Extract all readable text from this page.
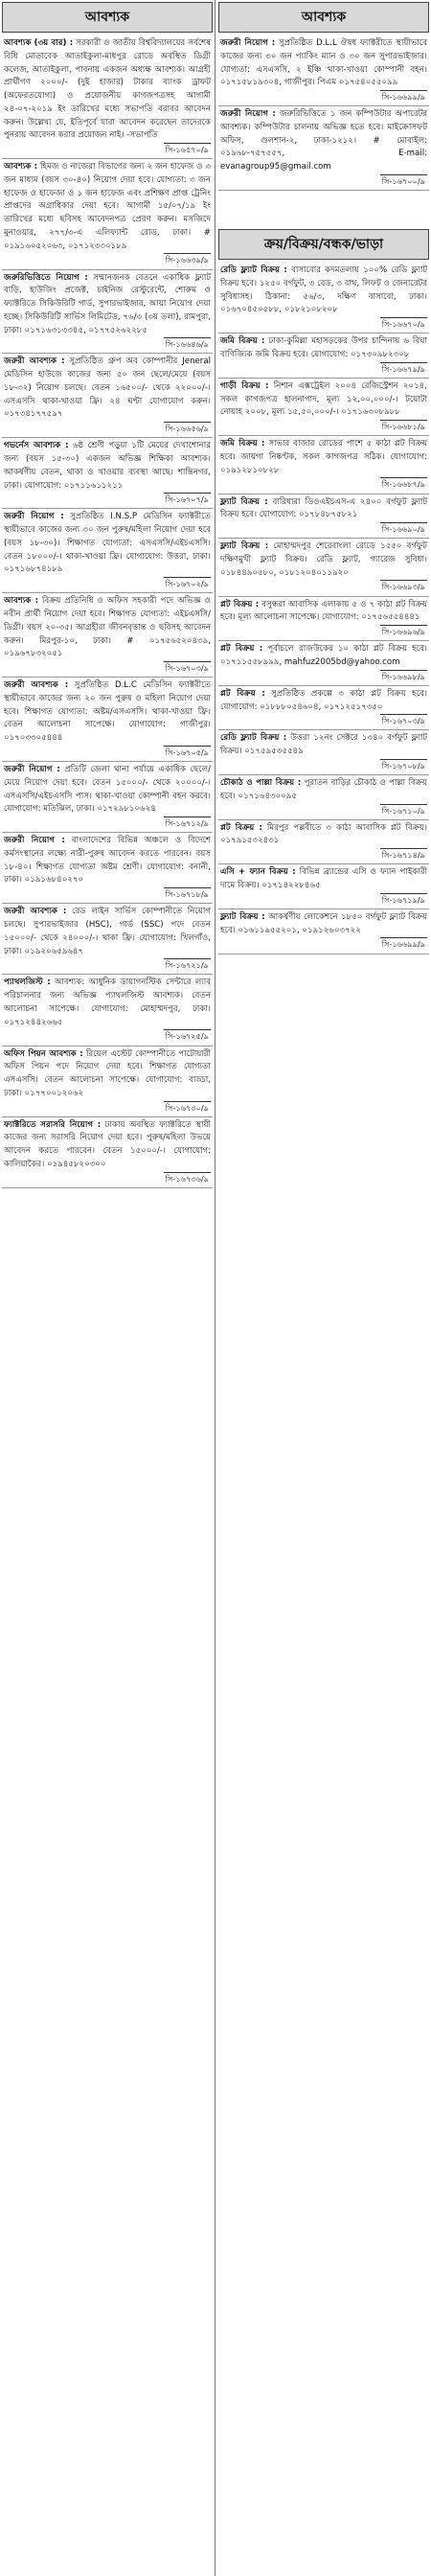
আবশ্যক
আবশ্যক (৩য় বার) : সরকারী ও জাতীয় বিশ্ববিদ্যালয়ের সর্বশেষ বিধি মোতাবেক আতাইকুলা-মাধপুর রোডে অবস্থিত ডিগ্রী কলেজ, আতাইকুলা, পাবনায় একজন অধ্যক্ষ আবশ্যক। আগ্রহী প্রার্থীগণ ২০০০/- (দুই হাজার) টাকার ব্যাংক ড্রাফট (অফেরতযোগ্য) ও প্রয়োজনীয় কাগজপত্রসহ আগামী ২৪-০৭-২০১৯ ইং তারিখের মধ্যে সভাপতি বরাবর আবেদন করুন। উল্লেখ্য যে, ইতিপূর্বে যারা আবেদন করেছেন তাদেরকে পুনরায় আবেদন করার প্রয়োজন নাই। -সভাপতি
সি-১৬৫৭০/৯
আবশ্যক : হিমজ ও নাজেরা বিভাগের জন্য ২ জন হাফেজ ও ৩ জন মাধ্যম (বয়স ৩০-৪০) নিয়োগ দেয়া হবে। যোগ্যতা: ৩ জন হাফেজ ও হাফেজা ও ১ জন হাফেজ এবং প্রশিক্ষণ প্রাপ্ত ট্রেনিং প্রাপ্তদের অগ্রাধিকার দেয়া হবে। আগামী ১৫/০৭/১৯ ইং তারিখের মধ্যে ছবিসহ আবেদনপত্র প্রেরণ করুন। মসজিদে মুনাওয়ার, ২৭৭/৩-এ এলিফ্যান্ট রোড, ঢাকা। # ০১৯১৬০৫২০৬৩, ০১৭১২৩৩০১৮৯
সি-১৬৬৩৯/৯
জরুরিভিত্তিতে নিয়োগ : সম্মানজনক বেতনে একাধিক ফ্ল্যাট বাড়ি, হাউজিং প্রজেক্ট, চাইনিজ রেস্টুরেন্টে, শোরুম ও ফ্যাক্টরিতে সিকিউরিটি গার্ড, সুপারভাইজার, আয়া নিয়োগ দেয়া হচ্ছে। সিকিউরিটি সার্ভিস লিমিটেড, ৭৬/৩ (৩য় তলা), রামপুরা, ঢাকা। ০১৭১৬৩১৩৩৪৫, ০১৭৭৫২৬২২৮৫
সি-১৬৬৪৬/৯
জরুরী আবশ্যক : সুপ্রতিষ্ঠিত গ্রুপ অব কোম্পানীর Jeneral মেডিসিন হাউজে কাজের জন্য ৫০ জন ছেলে/মেয়ে (বয়স ১৮-৩২) নিয়োগ চলছে। বেতন ১৬৫০০/- থেকে ২২০০০/-। এসএসসি থাকা-খাওয়া ফ্রি। ২৪ ঘণ্টা যোগাযোগ করুন। ০১৭৩৪১৭৭৫৯৭
সি-১৬৬৫৬/৯
গভর্নেস আবশ্যক : ৬ষ্ঠ শ্রেণী পড়ুয়া ১টি মেয়ের দেখাশোনার জন্য (বয়স ১৫-৩০) একজন অভিজ্ঞ শিক্ষিকা আবশ্যক। আকর্ষণীয় বেতন, থাকা ও খাওয়ার ব্যবস্থা আছে। শান্তিনগর, ঢাকা। যোগাযোগ: ০১৭১১৬১১২১১
সি-১৬৭০৭/৯
জরুরী নিয়োগ : সুপ্রতিষ্ঠিত I.N.S.P মেডিসিন ফ্যাক্টরীতে স্থায়ীভাবে কাজের জন্য ৩০ জন পুরুষ/মহিলা নিয়োগ দেয়া হবে (বয়স ১৮-৩০)। শিক্ষাগত যোগ্যতা: এসএসসি/এইচএসসি। বেতন ১৮০০০/-। থাকা-খাওয়া ফ্রি। যোগাযোগ: উত্তরা, ঢাকা। ০১৭১৬৮৭৪১৮৯
সি-১৬৭০২/৯
আবশ্যক : বিক্রয় প্রতিনিধি ও অফিস সহকারী পদে অভিজ্ঞ ও নবীন প্রার্থী নিয়োগ দেয়া হবে। শিক্ষাগত যোগ্যতা: এইচএসসি/ডিগ্রী। বয়স ২০-৩৫। আগ্রহীরা জীবনবৃত্তান্ত ও ছবিসহ আবেদন করুন। মিরপুর-১০, ঢাকা। # ০১৭৫৬৫২০৪৩৯, ০১৯৬৭৮৩২০৫১
সি-১৬৭০৩/৯
জরুরী আবশ্যক : সুপ্রতিষ্ঠিত D.L.C মেডিসিন ফ্যাক্টরীতে স্থায়ীভাবে কাজের জন্য ২০ জন পুরুষ ও মহিলা নিয়োগ দেয়া হবে। শিক্ষাগত যোগ্যতা: অষ্টম/এসএসসি। থাকা-খাওয়া ফ্রি। বেতন আলোচনা সাপেক্ষে। যোগাযোগ: গাজীপুর। ০১৭০৩৩০৫৪৪৪
সি-১৬৭০৫/৯
জরুরী নিয়োগ : প্রতিটি জেলা থানা পর্যায়ে একাধিক ছেলে/মেয়ে নিয়োগ দেয়া হবে। বেতন ১৫০০০/- থেকে ২০০০০/-। এসএসসি/এইচএসসি পাস। থাকা-খাওয়া কোম্পানী বহন করবে। যোগাযোগ: মতিঝিল, ঢাকা। ০১৭২৯৮১০৬২৪
সি-১৬৭১২/৯
জরুরী নিয়োগ : বাংলাদেশের বিভিন্ন অঞ্চলে ও বিদেশে কর্মসংস্থানের লক্ষ্যে নারী-পুরুষ আবেদন করতে পারবেন। বয়স ১৮-৪০। শিক্ষাগত যোগ্যতা অষ্টম শ্রেণী। যোগাযোগ: বনানী, ঢাকা। ০১৯১৬৮৪০২৭০
সি-১৬৭১৮/৯
জরুরী আবশ্যক : রেড লাইন সার্ভিস কোম্পানীতে নিয়োগ চলছে। সুপারভাইজার (HSC), গার্ড (SSC) পদে বেতন ১৫০০০/- থেকে ২৪০০০/-। থাকা ফ্রি। যোগাযোগ: খিলগাঁও, ঢাকা। ০১৯২০৬৫৯৬৪৭
সি-১৬৭২১/৯
প্যাথলজিস্ট : আবশ্যক: আধুনিক ডায়াগনস্টিক সেন্টারে ল্যাব পরিচালনার জন্য অভিজ্ঞ প্যাথলজিস্ট আবশ্যক। বেতন আলোচনা সাপেক্ষে। যোগাযোগ: মোহাম্মদপুর, ঢাকা। ০১৭১২৪৪২৬৬৫
সি-১৬৭২৫/৯
অফিস পিয়ন আবশ্যক : রিয়েল এস্টেট কোম্পানীতে পাটোয়ারী অফিস পিয়ন পদে নিয়োগ দেয়া হবে। শিক্ষাগত যোগ্যতা এসএসসি। বেতন আলোচনা সাপেক্ষে। যোগাযোগ: বাড্ডা, ঢাকা। ০১৭৭০০১২০৬২
সি-১৬৭৩০/৯
ফ্যাক্টরিতে সরাসরি নিয়োগ : ঢাকায় অবস্থিত ফ্যাক্টরিতে স্থায়ী কাজের জন্য সরাসরি নিয়োগ দেয়া হবে। পুরুষ/মহিলা উভয়ে আবেদন করতে পারবেন। বেতন ১৫০০০/-। যোগাযোগ: কালিয়াকৈর। ০১৯৪৫৮২০৩০০
সি-১৬৭৩৬/৯
আবশ্যক
জরুরী নিয়োগ : সুপ্রতিষ্ঠিত D.L.L ঔষধ ফ্যাক্টরীতে স্থায়ীভাবে কাজের জন্য ৩০ জন প্যাকিং ম্যান ও ৩০ জন সুপারভাইজার। যোগ্যতা: এসএসসি, ২ ইঞ্চি থাকা-খাওয়া কোম্পানী বহন। ০১৭১৫৮১৯৩০৪, গাজীপুর। পিএম ০১৭৫৪০৫৫০৯৯
সি-১৬৬৯৯/৯
জরুরী নিয়োগ : জরুরিভিত্তিতে ১ জন কম্পিউটার অপারেটর আবশ্যক। কম্পিউটার চালনায় অভিজ্ঞ হতে হবে। মাইক্রোসফট অফিস, গুলশান-২, ঢাকা-১২১২। # মোবাইল: ০১৯৬৮-৭৫৭৫৫৭, E-mail: evanagroup95@gmail.com
সি-১৬৭০০/৯
ক্রয়/বিক্রয়/বন্ধক/ভাড়া
রেডি ফ্ল্যাট বিক্রয় : বাসাবোর কদমতলায় ১০০% রেডি ফ্ল্যাট বিক্রয় হবে। ১২৫০ বর্গফুট, ৩ বেড, ৩ বাথ, লিফট ও জেনারেটর সুবিধাসহ। ঠিকানা: ৫৬/৩, দক্ষিণ বাসাবো, ঢাকা। ০১৬৭০৪৫০৫৮৮, ০১৮২১০৮২০৮
সি-১৬৬৭০/৯
জমি বিক্রয় : ঢাকা-কুমিল্লা মহাসড়কের উপর চান্দিনায় ৬ বিঘা বাণিজ্যিক জমি বিক্রয় হবে। যোগাযোগ: ০১৭৩০৯৮২৩০৮
সি-১৬৬৭৯/৯
গাড়ী বিক্রয় : নিশান এক্সট্রেইল ২০০৪ রেজিস্ট্রেশন ২০১৪, সকল কাগজপত্র হালনাগাদ, মূল্য ১২,০০,০০০/-। টয়োটা নোয়াহ ২০০৮, মূল্য ১৫,৫০,০০০/-। ০১৭১৬৩০৮৯৮৮
সি-১৬৬৮১/৯
জমি বিক্রয় : সাভার বাজার রোডের পাশে ৫ কাঠা প্লট বিক্রয় হবে। জায়গা নিষ্কণ্টক, সকল কাগজপত্র সঠিক। যোগাযোগ: ০১৯১২৮১০৮২৮
সি-১৬৬৮৭/৯
ফ্ল্যাট বিক্রয় : বারিধারা ডিওএইচএস-এ ২৪০০ বর্গফুট ফ্ল্যাট বিক্রয় হবে। যোগাযোগ: ০১৭৮৪৮৭৫৮২১
সি-১৬৬৯০/৯
ফ্ল্যাট বিক্রয় : মোহাম্মদপুর শেরেবাংলা রোডে ১৫৫০ বর্গফুট দক্ষিণমুখী ফ্ল্যাট বিক্রয়। রেডি ফ্ল্যাট, গ্যারেজ সুবিধা। ০১৮৪৪৯০৫৮০, ০১৮১২০৪০১১৯২০
সি-১৬৬৯৩/৯
প্লট বিক্রয় : বসুন্ধরা আবাসিক এলাকায় ৫ ও ৭ কাঠা প্লট বিক্রয় হবে। মূল্য আলোচনা সাপেক্ষে। যোগাযোগ: ০১৭৫৬৫৫৪৪৪১
সি-১৬৬৯৬/৯
প্লট বিক্রয় : পূর্বাচলে রাজউকের ১০ কাঠা প্লট বিক্রয় হবে। ০১৭১১৫৫৮৯৯৯, mahfuz2005bd@yahoo.com
সি-১৬৬৯৮/৯
প্লট বিক্রয় : সুপ্রতিষ্ঠিত প্রকল্পে ৩ কাঠা প্লট বিক্রয় হবে। যোগাযোগ: ০১৮৮৮০৫৪৬০৪, ০১৭১২৫১৭৩৫০
সি-১৬৭০৩/৯
রেডি ফ্ল্যাট বিক্রয় : উত্তরা ১২নং সেক্টরে ১৩৪০ বর্গফুট ফ্ল্যাট বিক্রয়। ০১৭৫৯৫৩৫৫৪৯
সি-১৬৭০৮/৯
চৌকাঠ ও পাল্লা বিক্রয় : পুরাতন বাড়ির চৌকাঠ ও পাল্লা বিক্রয় হবে। ০১৭১৬৪৩০০৯৫
সি-১৬৭১০/৯
প্লট বিক্রয় : মিরপুর পল্লবীতে ৩ কাঠা আবাসিক প্লট বিক্রয়। ০১৭৯১৫৩২৪৩১
সি-১৬৭১৪/৯
এসি + ফ্যান বিক্রয় : বিভিন্ন ব্র্যান্ডের এসি ও ফ্যান পাইকারী দামে বিক্রয়। ০১৭১৪২২৮৪৬৫
সি-১৬৭১৯/৯
ফ্ল্যাট বিক্রয় : আকর্ষণীয় লোকেশনে ১৮৫০ বর্গফুট ফ্ল্যাট বিক্রয় হবে। ০১৬১১৯৫৫২০১, ০১৯১২৬০৩৭২২
সি-১৬৬৯৯/৯
